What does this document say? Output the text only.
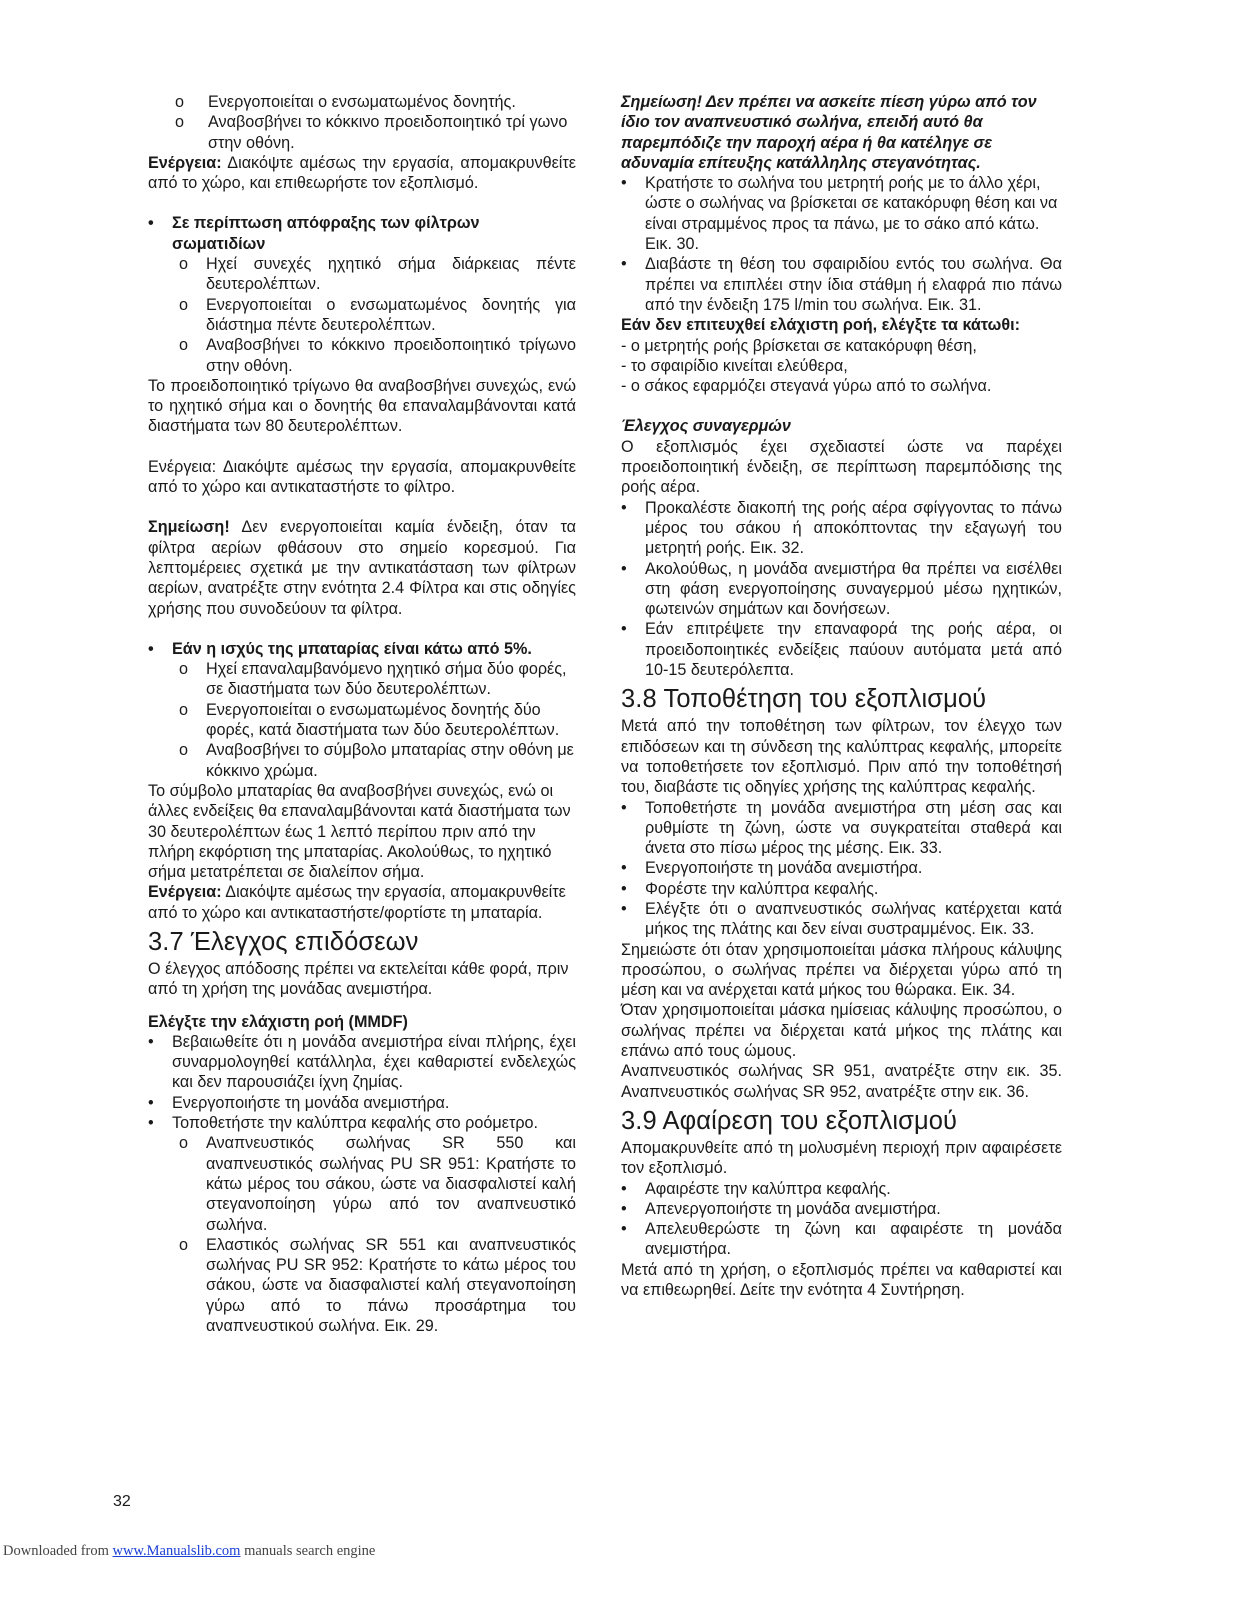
o Ενεργοποιείται ο ενσωματωμένος δονητής.
o Αναβοσβήνει το κόκκινο προειδοποιητικό τρί γωνο στην οθόνη.

Ενέργεια: Διακόψτε αμέσως την εργασία, απομακρυνθείτε από το χώρο, και επιθεωρήστε τον εξοπλισμό.

• Σε περίπτωση απόφραξης των φίλτρων σωματιδίων
o Ηχεί συνεχές ηχητικό σήμα διάρκειας πέντε δευτερολέπτων.
o Ενεργοποιείται ο ενσωματωμένος δονητής για διάστημα πέντε δευτερολέπτων.
o Αναβοσβήνει το κόκκινο προειδοποιητικό τρίγωνο στην οθόνη.

Το προειδοποιητικό τρίγωνο θα αναβοσβήνει συνεχώς, ενώ το ηχητικό σήμα και ο δονητής θα επαναλαμβάνονται κατά διαστήματα των 80 δευτερολέπτων.

Ενέργεια: Διακόψτε αμέσως την εργασία, απομακρυνθείτε από το χώρο και αντικαταστήστε το φίλτρο.

Σημείωση! Δεν ενεργοποιείται καμία ένδειξη, όταν τα φίλτρα αερίων φθάσουν στο σημείο κορεσμού. Για λεπτομέρειες σχετικά με την αντικατάσταση των φίλτρων αερίων, ανατρέξτε στην ενότητα 2.4 Φίλτρα και στις οδηγίες χρήσης που συνοδεύουν τα φίλτρα.

• Εάν η ισχύς της μπαταρίας είναι κάτω από 5%.
o Ηχεί επαναλαμβανόμενο ηχητικό σήμα δύο φορές, σε διαστήματα των δύο δευτερολέπτων.
o Ενεργοποιείται ο ενσωματωμένος δονητής δύο φορές, κατά διαστήματα των δύο δευτερολέπτων.
o Αναβοσβήνει το σύμβολο μπαταρίας στην οθόνη με κόκκινο χρώμα.

Το σύμβολο μπαταρίας θα αναβοσβήνει συνεχώς, ενώ οι άλλες ενδείξεις θα επαναλαμβάνονται κατά διαστήματα των 30 δευτερολέπτων έως 1 λεπτό περίπου πριν από την πλήρη εκφόρτιση της μπαταρίας. Ακολούθως, το ηχητικό σήμα μετατρέπεται σε διαλείπον σήμα.

Ενέργεια: Διακόψτε αμέσως την εργασία, απομακρυνθείτε από το χώρο και αντικαταστήστε/φορτίστε τη μπαταρία.

3.7 Έλεγχος επιδόσεων

Ο έλεγχος απόδοσης πρέπει να εκτελείται κάθε φορά, πριν από τη χρήση της μονάδας ανεμιστήρα.

Ελέγξτε την ελάχιστη ροή (MMDF)

• Βεβαιωθείτε ότι η μονάδα ανεμιστήρα είναι πλήρης, έχει συναρμολογηθεί κατάλληλα, έχει καθαριστεί ενδελεχώς και δεν παρουσιάζει ίχνη ζημίας.
• Ενεργοποιήστε τη μονάδα ανεμιστήρα.
• Τοποθετήστε την καλύπτρα κεφαλής στο ροόμετρο.
o Αναπνευστικός σωλήνας SR 550 και αναπνευστικός σωλήνας PU SR 951: Κρατήστε το κάτω μέρος του σάκου, ώστε να διασφαλιστεί καλή στεγανοποίηση γύρω από τον αναπνευστικό σωλήνα.
o Ελαστικός σωλήνας SR 551 και αναπνευστικός σωλήνας PU SR 952: Κρατήστε το κάτω μέρος του σάκου, ώστε να διασφαλιστεί καλή στεγανοποίηση γύρω από το πάνω προσάρτημα του αναπνευστικού σωλήνα. Εικ. 29.

Σημείωση! Δεν πρέπει να ασκείτε πίεση γύρω από τον ίδιο τον αναπνευστικό σωλήνα, επειδή αυτό θα παρεμπόδιζε την παροχή αέρα ή θα κατέληγε σε αδυναμία επίτευξης κατάλληλης στεγανότητας.

• Κρατήστε το σωλήνα του μετρητή ροής με το άλλο χέρι, ώστε ο σωλήνας να βρίσκεται σε κατακόρυφη θέση και να είναι στραμμένος προς τα πάνω, με το σάκο από κάτω.
Εικ. 30.
• Διαβάστε τη θέση του σφαιριδίου εντός του σωλήνα. Θα πρέπει να επιπλέει στην ίδια στάθμη ή ελαφρά πιο πάνω από την ένδειξη 175 l/min του σωλήνα. Εικ. 31.

Εάν δεν επιτευχθεί ελάχιστη ροή, ελέγξτε τα κάτωθι:

- ο μετρητής ροής βρίσκεται σε κατακόρυφη θέση,

- το σφαιρίδιο κινείται ελεύθερα,

- ο σάκος εφαρμόζει στεγανά γύρω από το σωλήνα.

Έλεγχος συναγερμών

Ο εξοπλισμός έχει σχεδιαστεί ώστε να παρέχει προειδοποιητική ένδειξη, σε περίπτωση παρεμπόδισης της ροής αέρα.

• Προκαλέστε διακοπή της ροής αέρα σφίγγοντας το πάνω μέρος του σάκου ή αποκόπτοντας την εξαγωγή του μετρητή ροής. Εικ. 32.
• Ακολούθως, η μονάδα ανεμιστήρα θα πρέπει να εισέλθει στη φάση ενεργοποίησης συναγερμού μέσω ηχητικών, φωτεινών σημάτων και δονήσεων.
• Εάν επιτρέψετε την επαναφορά της ροής αέρα, οι προειδοποιητικές ενδείξεις παύουν αυτόματα μετά από 10-15 δευτερόλεπτα.
3.8 Τοποθέτηση του εξοπλισμού

Μετά από την τοποθέτηση των φίλτρων, τον έλεγχο των επιδόσεων και τη σύνδεση της καλύπτρας κεφαλής, μπορείτε να τοποθετήσετε τον εξοπλισμό. Πριν από την τοποθέτησή του, διαβάστε τις οδηγίες χρήσης της καλύπτρας κεφαλής.

• Τοποθετήστε τη μονάδα ανεμιστήρα στη μέση σας και ρυθμίστε τη ζώνη, ώστε να συγκρατείται σταθερά και άνετα στο πίσω μέρος της μέσης. Εικ. 33.
• Ενεργοποιήστε τη μονάδα ανεμιστήρα.
• Φορέστε την καλύπτρα κεφαλής.
• Ελέγξτε ότι ο αναπνευστικός σωλήνας κατέρχεται κατά μήκος της πλάτης και δεν είναι συστραμμένος. Εικ. 33.

Σημειώστε ότι όταν χρησιμοποιείται μάσκα πλήρους κάλυψης προσώπου, ο σωλήνας πρέπει να διέρχεται γύρω από τη μέση και να ανέρχεται κατά μήκος του θώρακα. Εικ. 34.

Όταν χρησιμοποιείται μάσκα ημίσειας κάλυψης προσώπου, ο σωλήνας πρέπει να διέρχεται κατά μήκος της πλάτης και επάνω από τους ώμους.

Αναπνευστικός σωλήνας SR 951, ανατρέξτε στην εικ. 35. Αναπνευστικός σωλήνας SR 952, ανατρέξτε στην εικ. 36.

3.9 Αφαίρεση του εξοπλισμού

Απομακρυνθείτε από τη μολυσμένη περιοχή πριν αφαιρέσετε τον εξοπλισμό.

• Αφαιρέστε την καλύπτρα κεφαλής.
• Απενεργοποιήστε τη μονάδα ανεμιστήρα.
• Απελευθερώστε τη ζώνη και αφαιρέστε τη μονάδα ανεμιστήρα.

Μετά από τη χρήση, ο εξοπλισμός πρέπει να καθαριστεί και να επιθεωρηθεί. Δείτε την ενότητα 4 Συντήρηση.

32
Downloaded from www.Manualslib.com manuals search engine
